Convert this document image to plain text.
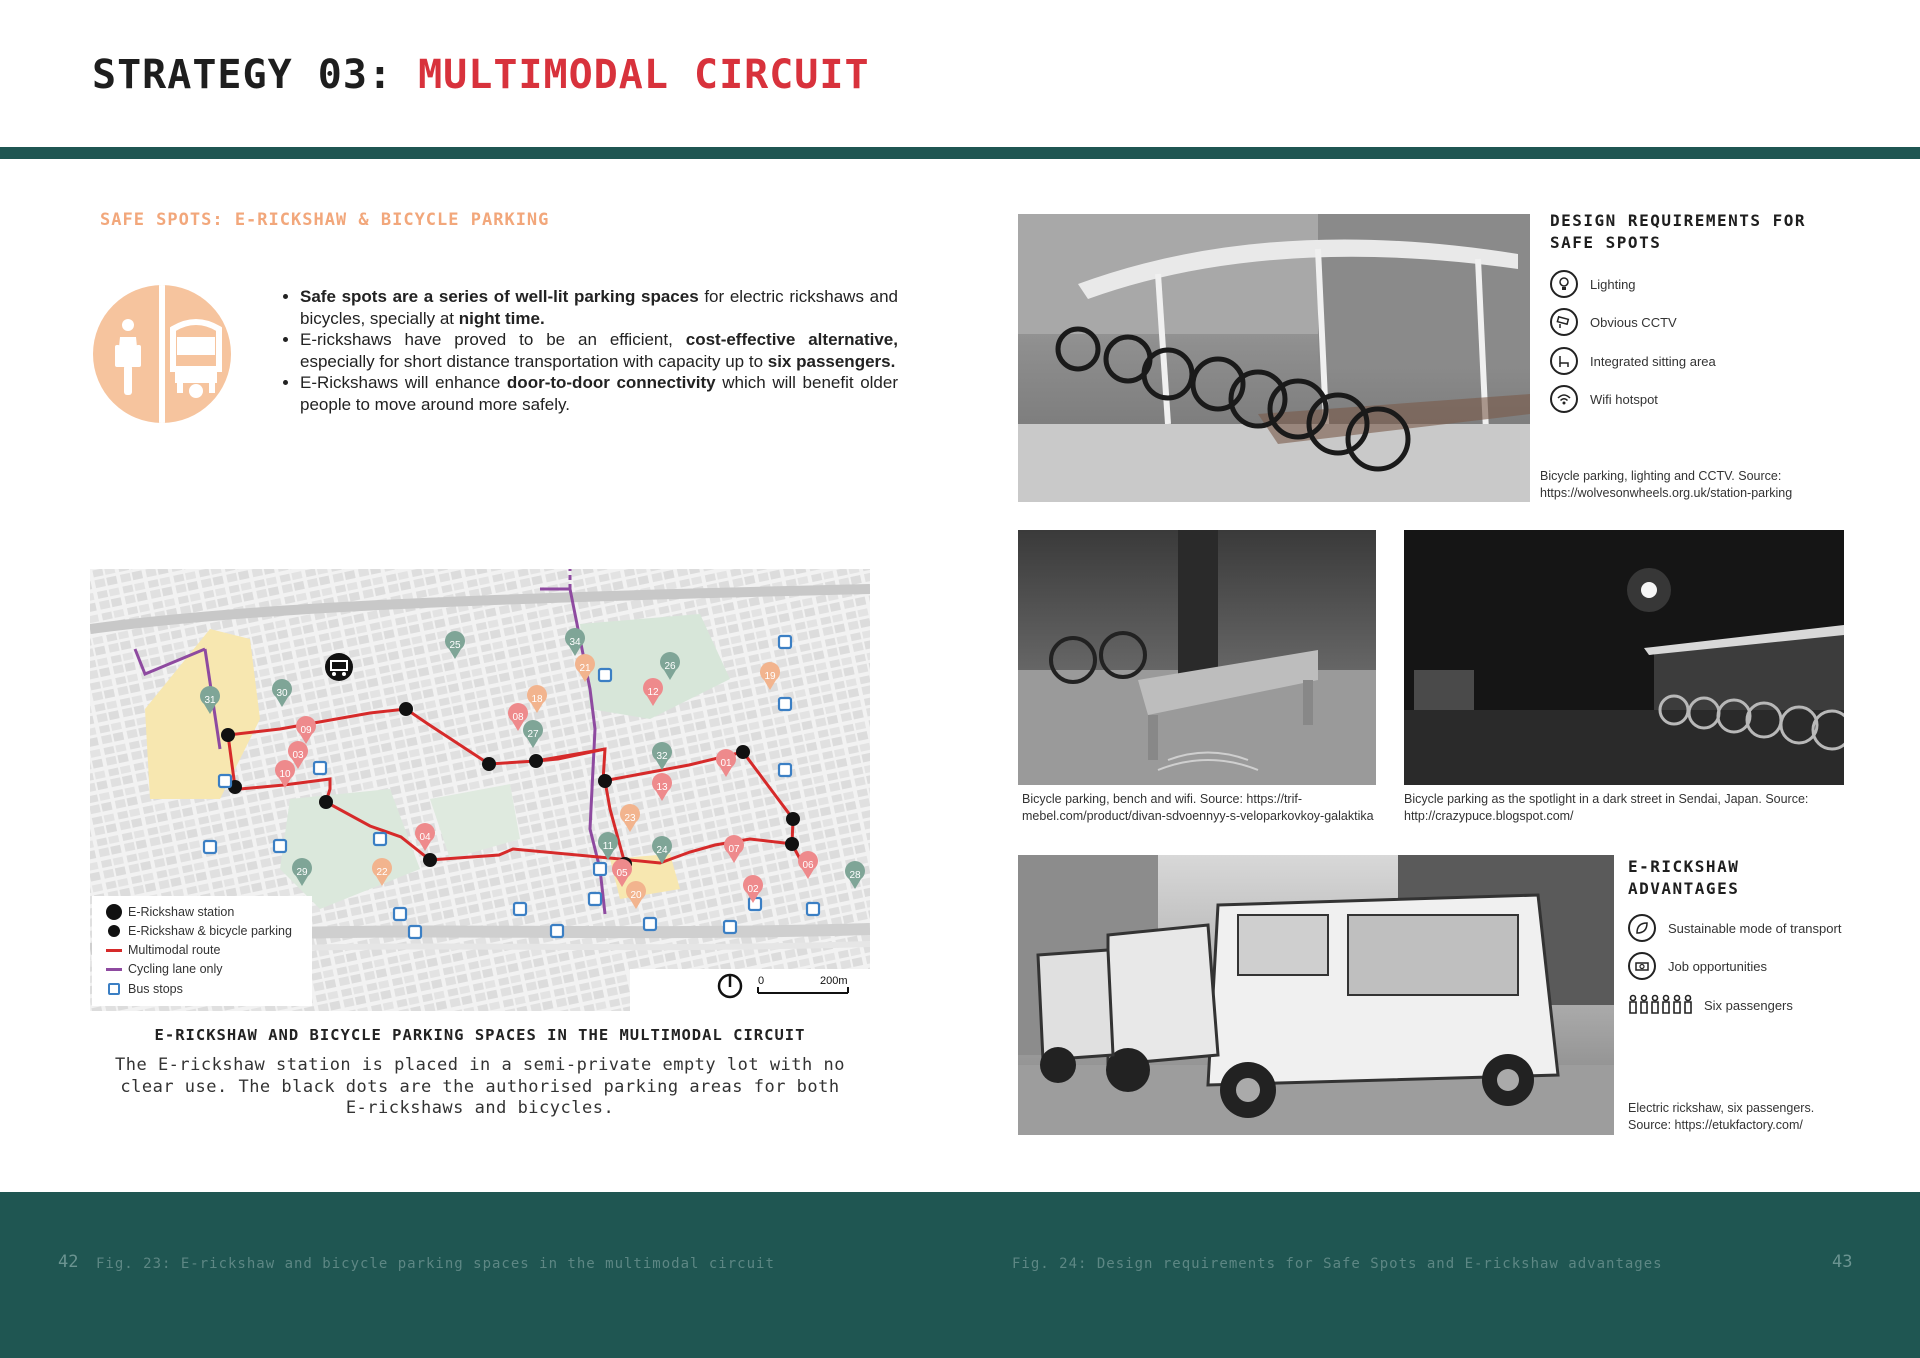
STRATEGY 03: MULTIMODAL CIRCUIT
SAFE SPOTS: E-RICKSHAW & BICYCLE PARKING
• Safe spots are a series of well-lit parking spaces for electric rickshaws and bicycles, specially at night time.
• E-rickshaws have proved to be an efficient, cost-effective alternative, especially for short distance transportation with capacity up to six passengers.
• E-Rickshaws will enhance door-to-door connectivity which will benefit older people to move around more safely.
25	34
21	26
19
30
31
08
18
12
27
09
03	32
01
13
23
04
11	24	07
06
29	05
02
28
10
20
22
0	200m
E-Rickshaw station
E-Rickshaw & bicycle parking
Multimodal route
Cycling lane only
Bus stops
E-RICKSHAW AND BICYCLE PARKING SPACES IN THE MULTIMODAL CIRCUIT
The E-rickshaw station is placed in a semi-private empty lot with no clear use. The black dots are the authorised parking areas for both E-rickshaws and bicycles.
DESIGN REQUIREMENTS FOR SAFE SPOTS
Lighting
Obvious CCTV
Integrated sitting area
Wifi hotspot
Bicycle parking, lighting and CCTV. Source: https://wolvesonwheels.org.uk/station-parking
Bicycle parking, bench and wifi. Source: https://trif-mebel.com/product/divan-sdvoennyy-s-veloparkovkoy-galaktika
Bicycle parking as the spotlight in a dark street in Sendai, Japan. Source: http://crazypuce.blogspot.com/
E-RICKSHAW ADVANTAGES
Sustainable mode of transport
Job opportunities
Six passengers
Electric rickshaw, six passengers. Source: https://etukfactory.com/
42 Fig. 23: E-rickshaw and bicycle parking spaces in the multimodal circuit	Fig. 24: Design requirements for Safe Spots and E-rickshaw advantages	43
